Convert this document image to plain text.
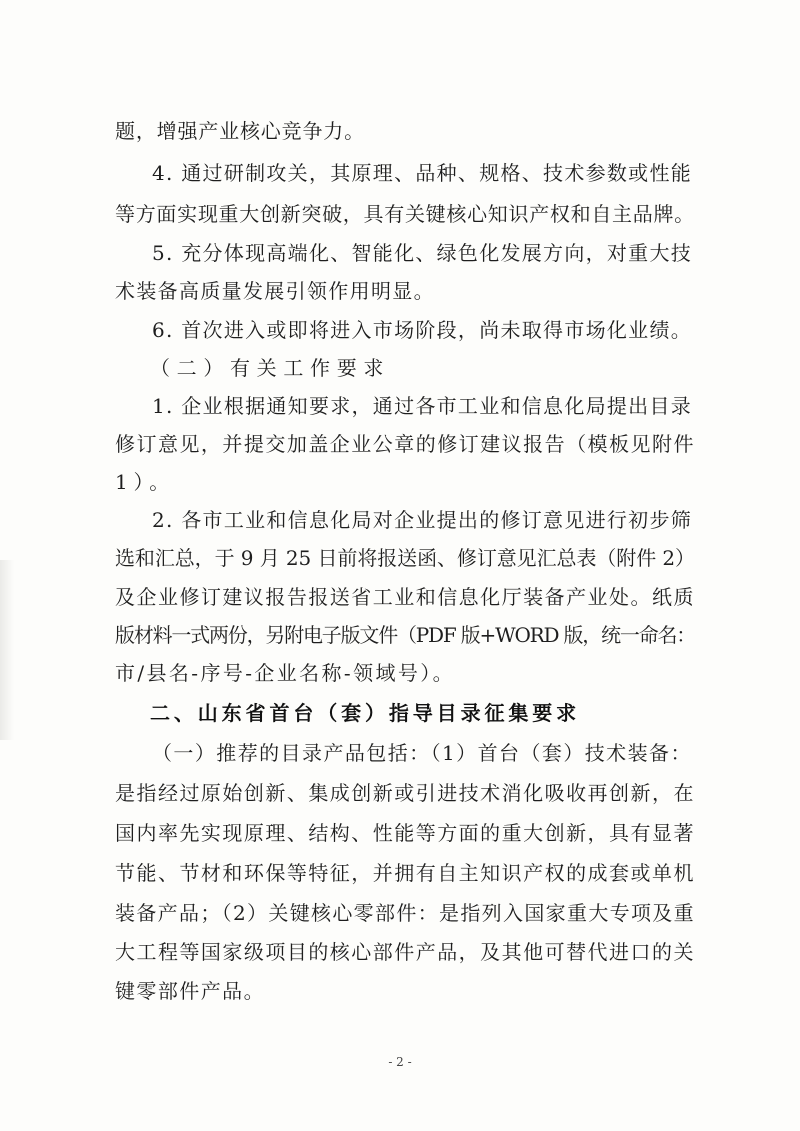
题，增强产业核心竞争力。

4. 通过研制攻关，其原理、品种、规格、技术参数或性能

等方面实现重大创新突破，具有关键核心知识产权和自主品牌。

5. 充分体现高端化、智能化、绿色化发展方向，对重大技

术装备高质量发展引领作用明显。

6. 首次进入或即将进入市场阶段，尚未取得市场化业绩。

（二）有关工作要求

1. 企业根据通知要求，通过各市工业和信息化局提出目录

修订意见，并提交加盖企业公章的修订建议报告（模板见附件

1）。

2. 各市工业和信息化局对企业提出的修订意见进行初步筛

选和汇总，于 9 月 25 日前将报送函、修订意见汇总表（附件 2）

及企业修订建议报告报送省工业和信息化厅装备产业处。纸质

版材料一式两份，另附电子版文件（PDF 版+WORD 版，统一命名：

市/县名-序号-企业名称-领域号）。

二、山东省首台（套）指导目录征集要求

（一）推荐的目录产品包括：（1）首台（套）技术装备：

是指经过原始创新、集成创新或引进技术消化吸收再创新，在

国内率先实现原理、结构、性能等方面的重大创新，具有显著

节能、节材和环保等特征，并拥有自主知识产权的成套或单机

装备产品；（2）关键核心零部件：是指列入国家重大专项及重

大工程等国家级项目的核心部件产品，及其他可替代进口的关

键零部件产品。

- 2 -
